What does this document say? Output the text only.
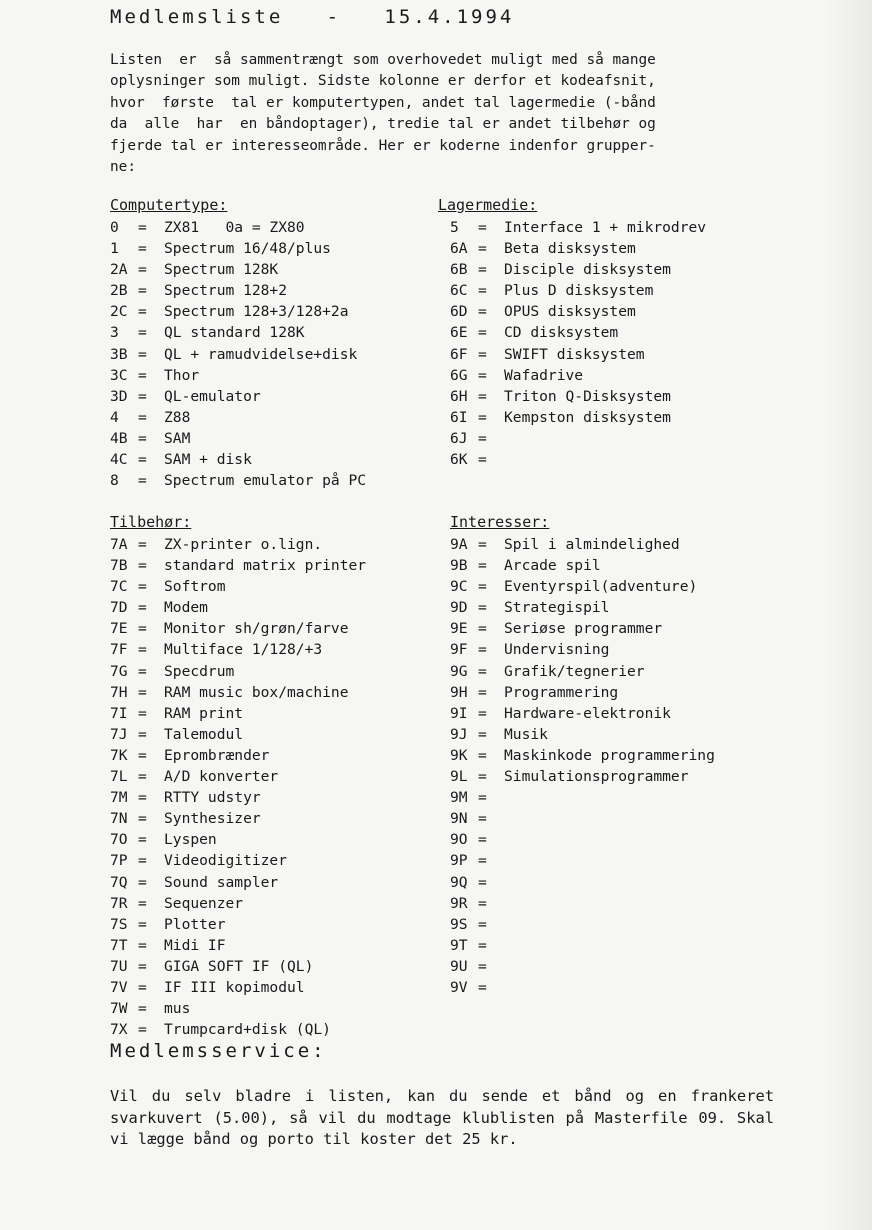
Medlemsliste - 15.4.1994
Listen  er  så sammentrængt som overhovedet muligt med så mange
oplysninger som muligt. Sidste kolonne er derfor et kodeafsnit,
hvor  første  tal er komputertypen, andet tal lagermedie (-bånd
da  alle  har  en båndoptager), tredie tal er andet tilbehør og
fjerde tal er interesseområde. Her er koderne indenfor grupper-
ne:
Computertype:
0 = ZX81   0a = ZX80
1 = Spectrum 16/48/plus
2A = Spectrum 128K
2B = Spectrum 128+2
2C = Spectrum 128+3/128+2a
3 = QL standard 128K
3B = QL + ramudvidelse+disk
3C = Thor
3D = QL-emulator
4 = Z88
4B = SAM
4C = SAM + disk
8 = Spectrum emulator på PC
Lagermedie:
5 = Interface 1 + mikrodrev
6A = Beta disksystem
6B = Disciple disksystem
6C = Plus D disksystem
6D = OPUS disksystem
6E = CD disksystem
6F = SWIFT disksystem
6G = Wafadrive
6H = Triton Q-Disksystem
6I = Kempston disksystem
6J =
6K =
Tilbehør:
7A = ZX-printer o.lign.
7B = standard matrix printer
7C = Softrom
7D = Modem
7E = Monitor sh/grøn/farve
7F = Multiface 1/128/+3
7G = Specdrum
7H = RAM music box/machine
7I = RAM print
7J = Talemodul
7K = Eprombrænder
7L = A/D konverter
7M = RTTY udstyr
7N = Synthesizer
7O = Lyspen
7P = Videodigitizer
7Q = Sound sampler
7R = Sequenzer
7S = Plotter
7T = Midi IF
7U = GIGA SOFT IF (QL)
7V = IF III kopimodul
7W = mus
7X = Trumpcard+disk (QL)
Interesser:
9A = Spil i almindelighed
9B = Arcade spil
9C = Eventyrspil(adventure)
9D = Strategispil
9E = Seriøse programmer
9F = Undervisning
9G = Grafik/tegnerier
9H = Programmering
9I = Hardware-elektronik
9J = Musik
9K = Maskinkode programmering
9L = Simulationsprogrammer
9M =
9N =
9O =
9P =
9Q =
9R =
9S =
9T =
9U =
9V =
Medlemsservice:
Vil du selv bladre i listen, kan du sende et bånd og en frankeret svarkuvert (5.00), så vil du modtage klublisten på Masterfile 09. Skal vi lægge bånd og porto til koster det 25 kr.
